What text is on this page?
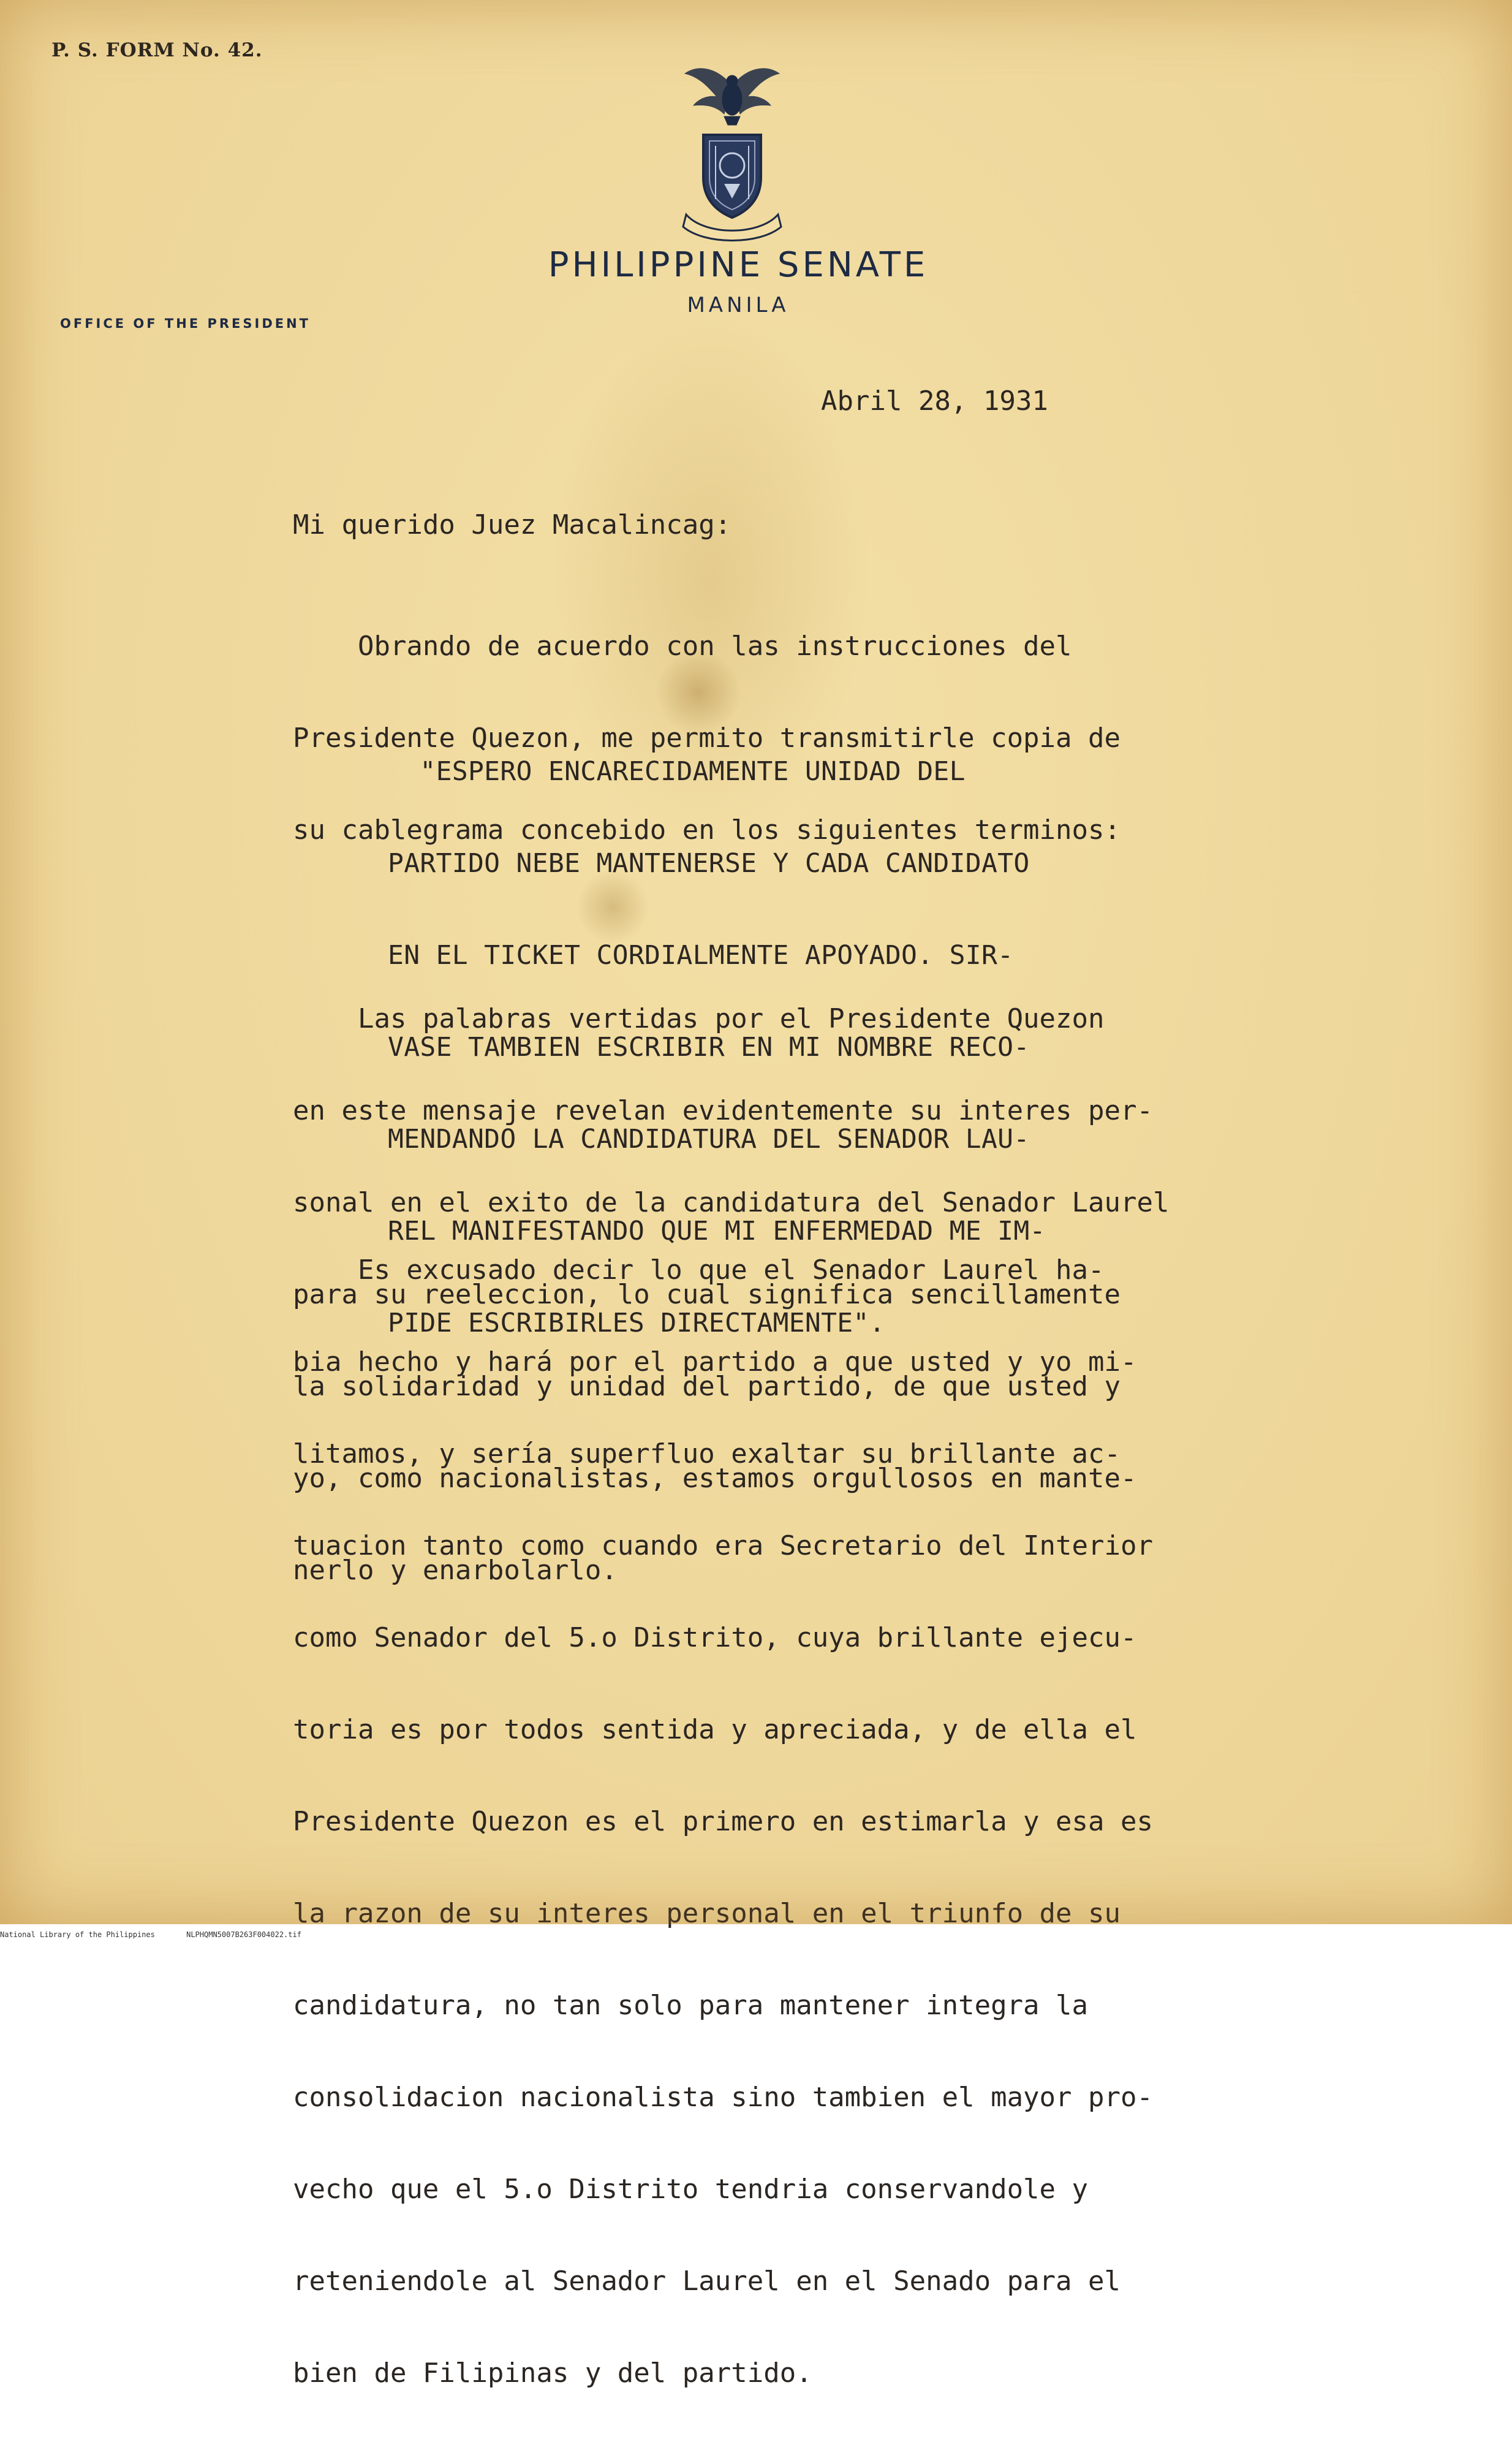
P. S. FORM No. 42.
PHILIPPINE SENATE
MANILA
OFFICE OF THE PRESIDENT
Abril 28, 1931
Mi querido Juez Macalincag:

Obrando de acuerdo con las instrucciones del

Presidente Quezon, me permito transmitirle copia de

su cablegrama concebido en los siguientes terminos:

"ESPERO ENCARECIDAMENTE UNIDAD DEL

PARTIDO NEBE MANTENERSE Y CADA CANDIDATO

EN EL TICKET CORDIALMENTE APOYADO. SIR-

VASE TAMBIEN ESCRIBIR EN MI NOMBRE RECO-

MENDANDO LA CANDIDATURA DEL SENADOR LAU-

REL MANIFESTANDO QUE MI ENFERMEDAD ME IM-

PIDE ESCRIBIRLES DIRECTAMENTE".

Las palabras vertidas por el Presidente Quezon

en este mensaje revelan evidentemente su interes per-

sonal en el exito de la candidatura del Senador Laurel

para su reeleccion, lo cual significa sencillamente

la solidaridad y unidad del partido, de que usted y

yo, como nacionalistas, estamos orgullosos en mante-

nerlo y enarbolarlo.

Es excusado decir lo que el Senador Laurel ha-

bia hecho y hará por el partido a que usted y yo mi-

litamos, y sería superfluo exaltar su brillante ac-

tuacion tanto como cuando era Secretario del Interior

como Senador del 5.o Distrito, cuya brillante ejecu-

toria es por todos sentida y apreciada, y de ella el

Presidente Quezon es el primero en estimarla y esa es

la razon de su interes personal en el triunfo de su

candidatura, no tan solo para mantener integra la

consolidacion nacionalista sino tambien el mayor pro-

vecho que el 5.o Distrito tendria conservandole y

reteniendole al Senador Laurel en el Senado para el

bien de Filipinas y del partido.

National Library of the Philippines	NLPHQMN5007B263F004022.tif
